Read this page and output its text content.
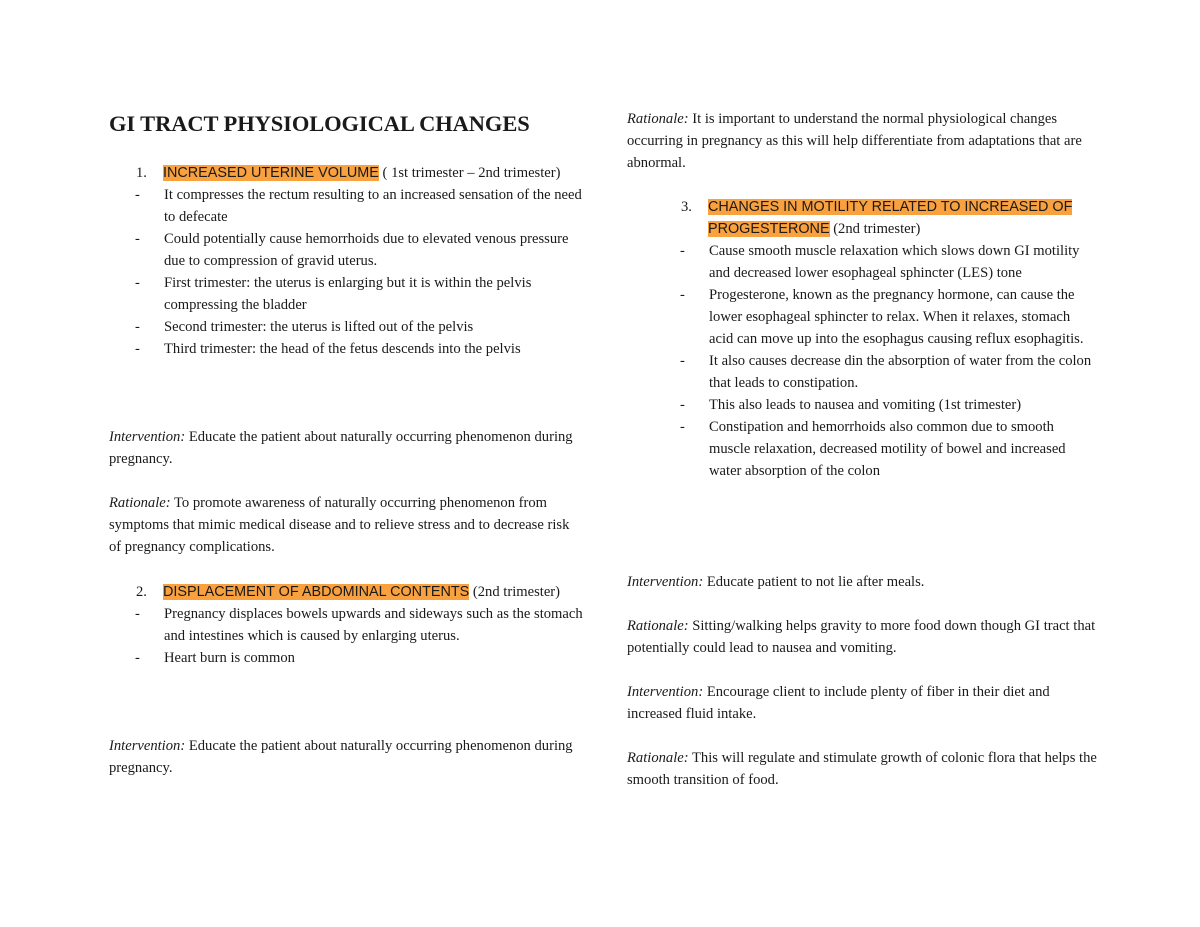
GI TRACT PHYSIOLOGICAL CHANGES
1. INCREASED UTERINE VOLUME ( 1st trimester – 2nd trimester)
- It compresses the rectum resulting to an increased sensation of the need to defecate
- Could potentially cause hemorrhoids due to elevated venous pressure due to compression of gravid uterus.
- First trimester: the uterus is enlarging but it is within the pelvis compressing the bladder
- Second trimester: the uterus is lifted out of the pelvis
- Third trimester: the head of the fetus descends into the pelvis

Intervention: Educate the patient about naturally occurring phenomenon during pregnancy.

Rationale: To promote awareness of naturally occurring phenomenon from symptoms that mimic medical disease and to relieve stress and to decrease risk of pregnancy complications.

2. DISPLACEMENT OF ABDOMINAL CONTENTS (2nd trimester)
- Pregnancy displaces bowels upwards and sideways such as the stomach and intestines which is caused by enlarging uterus.
- Heart burn is common

Intervention: Educate the patient about naturally occurring phenomenon during pregnancy.

Rationale: It is important to understand the normal physiological changes occurring in pregnancy as this will help differentiate from adaptations that are abnormal.

3. CHANGES IN MOTILITY RELATED TO INCREASED OF PROGESTERONE (2nd trimester)
- Cause smooth muscle relaxation which slows down GI motility and decreased lower esophageal sphincter (LES) tone
- Progesterone, known as the pregnancy hormone, can cause the lower esophageal sphincter to relax. When it relaxes, stomach acid can move up into the esophagus causing reflux esophagitis.
- It also causes decrease din the absorption of water from the colon that leads to constipation.
- This also leads to nausea and vomiting (1st trimester)
- Constipation and hemorrhoids also common due to smooth muscle relaxation, decreased motility of bowel and increased water absorption of the colon

Intervention: Educate patient to not lie after meals.

Rationale: Sitting/walking helps gravity to more food down though GI tract that potentially could lead to nausea and vomiting.

Intervention: Encourage client to include plenty of fiber in their diet and increased fluid intake.

Rationale: This will regulate and stimulate growth of colonic flora that helps the smooth transition of food.
